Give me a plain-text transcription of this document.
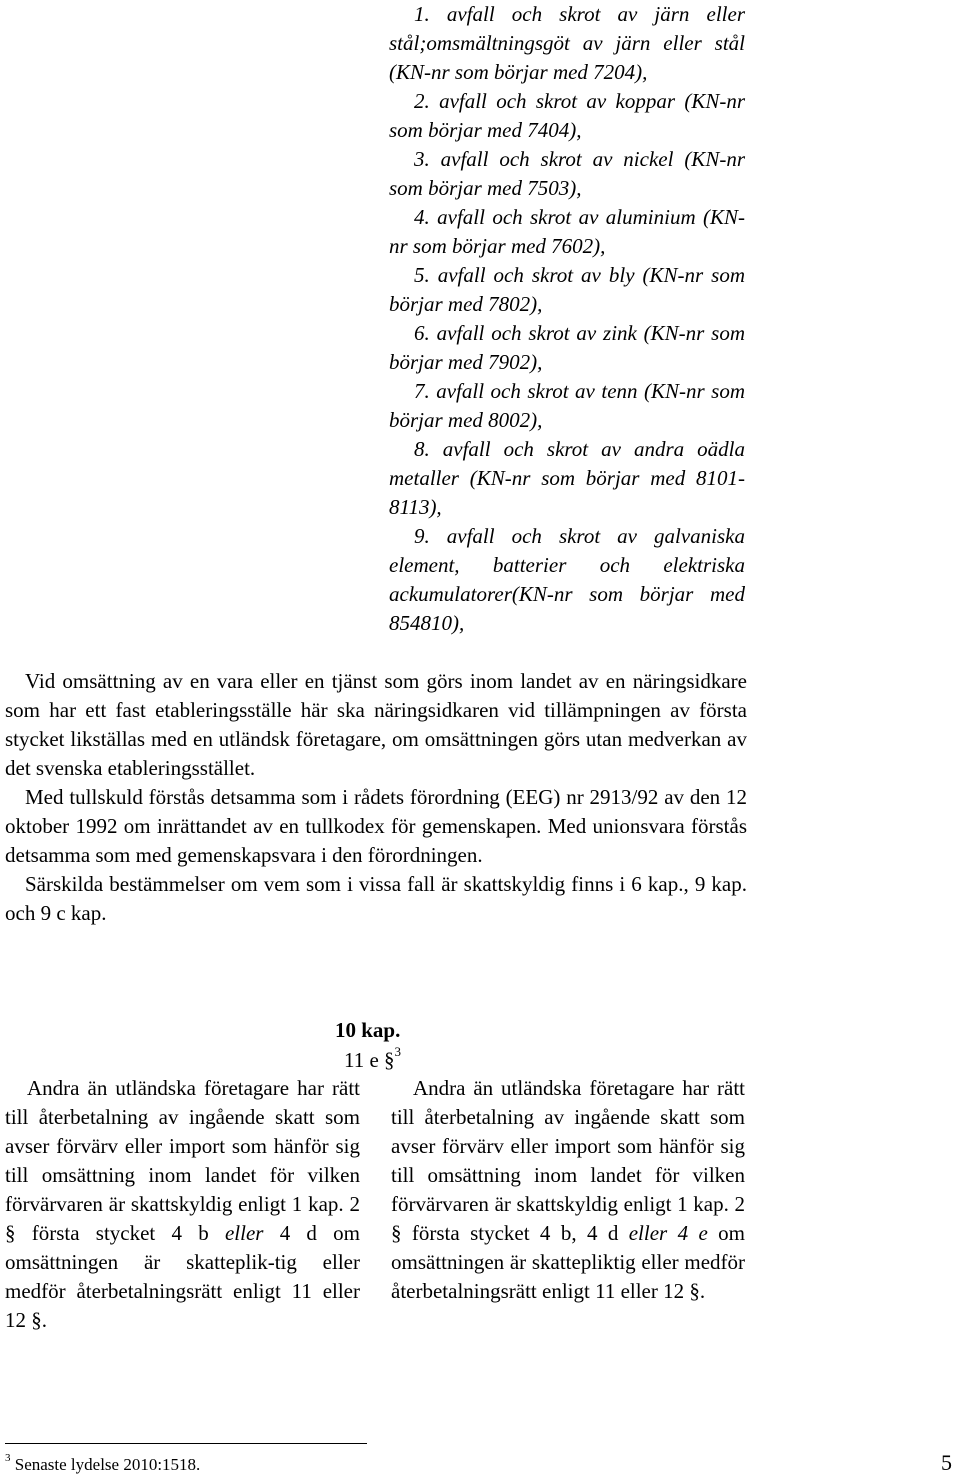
1. avfall och skrot av järn eller stål;omsmältningsgöt av järn eller stål (KN-nr som börjar med 7204),

2. avfall och skrot av koppar (KN-nr som börjar med 7404),

3. avfall och skrot av nickel (KN-nr som börjar med 7503),

4. avfall och skrot av aluminium (KN-nr som börjar med 7602),

5. avfall och skrot av bly (KN-nr som börjar med 7802),

6. avfall och skrot av zink (KN-nr som börjar med 7902),

7. avfall och skrot av tenn (KN-nr som börjar med 8002),

8. avfall och skrot av andra oädla metaller (KN-nr som börjar med 8101-8113),

9. avfall och skrot av galvaniska element, batterier och elektriska ackumulatorer(KN-nr som börjar med 854810),

Vid omsättning av en vara eller en tjänst som görs inom landet av en näringsidkare som har ett fast etableringsställe här ska näringsidkaren vid tillämpningen av första stycket likställas med en utländsk företagare, om omsättningen görs utan medverkan av det svenska etableringsstället.

Med tullskuld förstås detsamma som i rådets förordning (EEG) nr 2913/92 av den 12 oktober 1992 om inrättandet av en tullkodex för gemenskapen. Med unionsvara förstås detsamma som med gemenskapsvara i den förordningen.

Särskilda bestämmelser om vem som i vissa fall är skattskyldig finns i 6 kap., 9 kap. och 9 c kap.

10 kap.
11 e §$^3$

Andra än utländska företagare har rätt till återbetalning av ingående skatt som avser förvärv eller import som hänför sig till omsättning inom landet för vilken förvärvaren är skattskyldig enligt 1 kap. 2 § första stycket 4 b eller 4 d om omsättningen är skatteplik-tig eller medför återbetalningsrätt enligt 11 eller 12 §.

Andra än utländska företagare har rätt till återbetalning av ingående skatt som avser förvärv eller import som hänför sig till omsättning inom landet för vilken förvärvaren är skattskyldig enligt 1 kap. 2 § första stycket 4 b, 4 d eller 4 e om omsättningen är skattepliktig eller medför återbetalningsrätt enligt 11 eller 12 §.

$^3$ Senaste lydelse 2010:1518.	5
